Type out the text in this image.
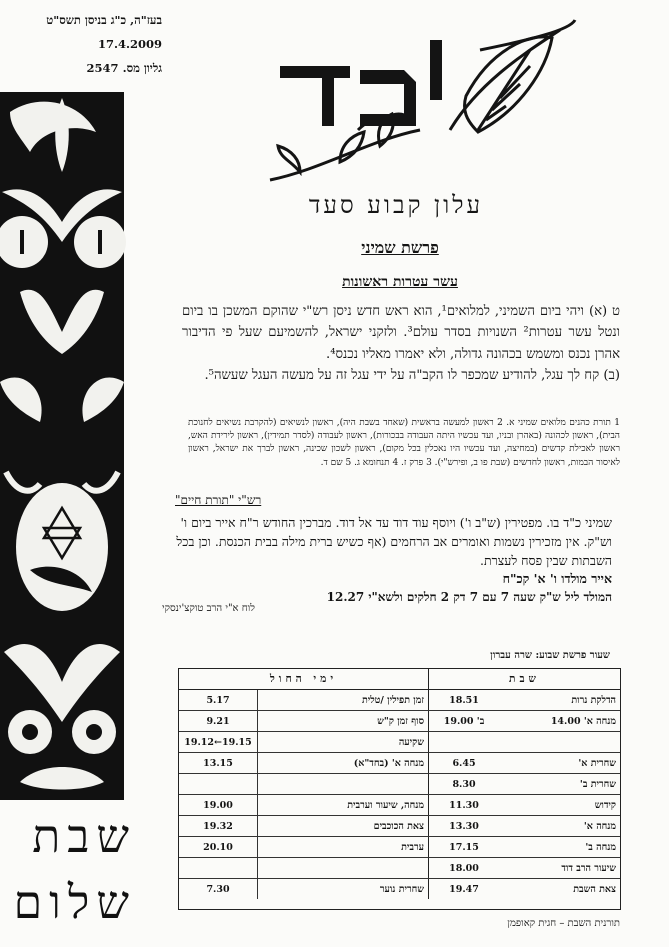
בעז"ה, כ"ג בניסן תשס"ט
17.4.2009
גליון מס. 2547
שבת
שלום
עלון קבוע סעד
פרשת שמיני
עשר עטרות ראשונות
ט (א) ויהי ביום השמיני, למלואים¹, הוא ראש חדש ניסן רש"י שהוקם המשכן בו ביום ונטל עשר עטרות² השנויות בסדר עולם³. ולזקני ישראל, להשמיעם שעל פי הדיבור אהרן נכנס ומשמש בכהונה גדולה, ולא יאמרו מאליו נכנס⁴.
(ב) קח לך עגל, להודיע שמכפר לו הקב"ה על ידי עגל זה על מעשה העגל שעשה⁵.
1 תורת כהנים מלואים שמיני א. 2 ראשון למעשה בראשית (שאחד בשבת היה), ראשון לנשיאים (להקרבת נשיאים לחנוכת הבית), ראשון לכהונה (באהרן ובניו, ועד עכשיו היתה העבודה בבכורות), ראשון לעבודה (לסדר תמידין), ראשון לירידת האש, ראשון לאכילת קדשים (במחיצה, ועד עכשיו היו נאכלין בכל מקום), ראשון לשכון שכינה, ראשון לברך את ישראל, ראשון לאיסור הבמות, ראשון לחדשים (שבת פו ב, ופירש"י). 3 פרק ז. 4 תנחומא ג. 5 שם ד.
רש"י "תורת חיים"
שמיני כ"ד בו. מפטירין (ש"ב ו') ויוסף עוד דוד עד אל דוד. מברכין החודש ר"ח אייר ביום ו' וש"ק. אין מזכירין נשמות ואומרים אב הרחמים (אף כשיש ברית מילה בבית הכנסת. וכן בכל השבתות שבין פסח לעצרת.
אייר מולדו ו' א' קכ"ח
המולד ליל ש"ק שעה 7 עם 7 דק 2 חלקים ולשא"י 12.27
לוח א"י הרב טוקצ'ינסקי
שעור פרשת שבוע: שרה עברון
שבת
ימי החול
הדלקת נרות
18.51
זמן תפילין /טלית
5.17
מנחה א' 14.00
ב' 19.00
סוף זמן ק"ש
9.21
שקיעה
19.15←19.12
שחרית א'
6.45
מנחה א' (בחד"א)
13.15
שחרית ב'
8.30
קידוש
11.30
מנחה, שיעור וערבית
19.00
מנחה א'
13.30
צאת הכוכבים
19.32
מנחה ב'
17.15
ערבית
20.10
שיעור הרב דוד
18.00
צאת השבת
19.47
שחרית נוער
7.30
תורנית השבת – חגית קאופמן
